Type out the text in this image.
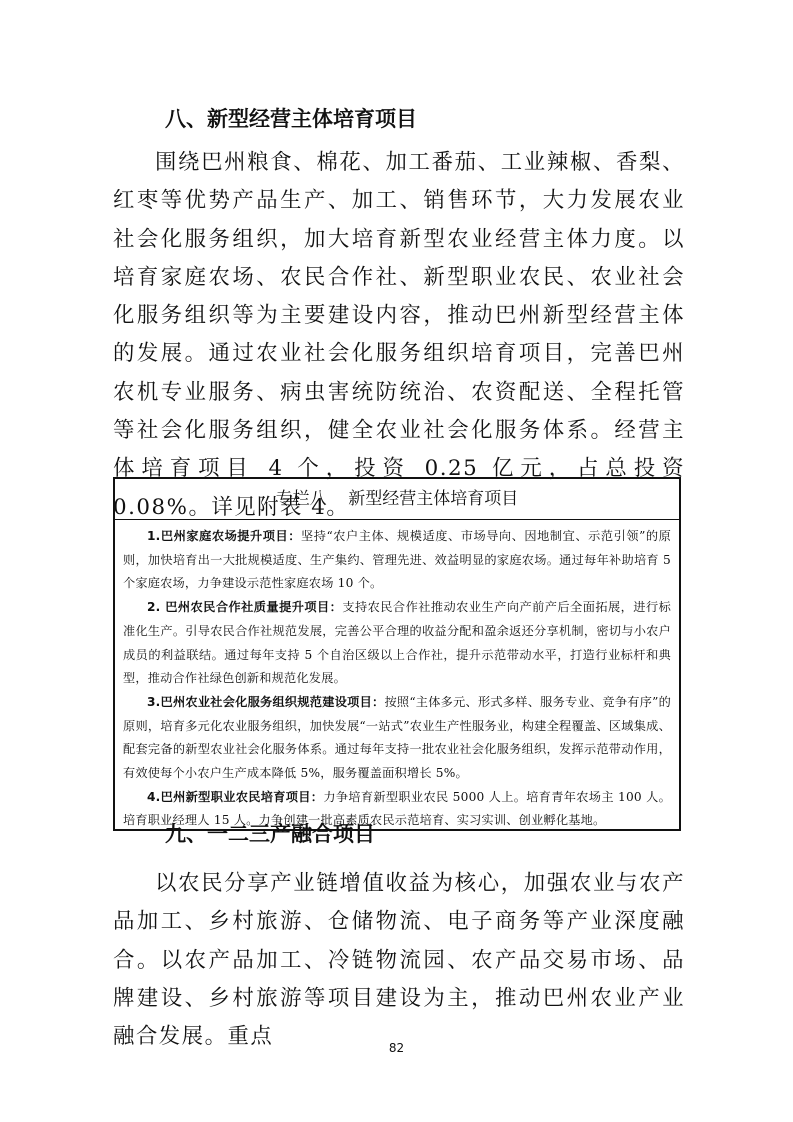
八、新型经营主体培育项目

围绕巴州粮食、棉花、加工番茄、工业辣椒、香梨、红枣等优势产品生产、加工、销售环节，大力发展农业社会化服务组织，加大培育新型农业经营主体力度。以培育家庭农场、农民合作社、新型职业农民、农业社会化服务组织等为主要建设内容，推动巴州新型经营主体的发展。通过农业社会化服务组织培育项目，完善巴州农机专业服务、病虫害统防统治、农资配送、全程托管等社会化服务组织，健全农业社会化服务体系。经营主体培育项目 4 个，投资 0.25 亿元，占总投资 0.08%。详见附表 4。

专栏八    新型经营主体培育项目

1.巴州家庭农场提升项目：坚持“农户主体、规模适度、市场导向、因地制宜、示范引领”的原则，加快培育出一大批规模适度、生产集约、管理先进、效益明显的家庭农场。通过每年补助培育 5 个家庭农场，力争建设示范性家庭农场 10 个。

2. 巴州农民合作社质量提升项目：支持农民合作社推动农业生产向产前产后全面拓展，进行标准化生产。引导农民合作社规范发展，完善公平合理的收益分配和盈余返还分享机制，密切与小农户成员的利益联结。通过每年支持 5 个自治区级以上合作社，提升示范带动水平，打造行业标杆和典型，推动合作社绿色创新和规范化发展。

3.巴州农业社会化服务组织规范建设项目：按照“主体多元、形式多样、服务专业、竞争有序”的原则，培育多元化农业服务组织，加快发展“一站式”农业生产性服务业，构建全程覆盖、区域集成、配套完备的新型农业社会化服务体系。通过每年支持一批农业社会化服务组织，发挥示范带动作用，有效使每个小农户生产成本降低 5%，服务覆盖面积增长 5%。

4.巴州新型职业农民培育项目：力争培育新型职业农民 5000 人上。培育青年农场主 100 人。培育职业经理人 15 人。力争创建一批高素质农民示范培育、实习实训、创业孵化基地。

九、一二三产融合项目

以农民分享产业链增值收益为核心，加强农业与农产品加工、乡村旅游、仓储物流、电子商务等产业深度融合。以农产品加工、冷链物流园、农产品交易市场、品牌建设、乡村旅游等项目建设为主，推动巴州农业产业融合发展。重点	82
